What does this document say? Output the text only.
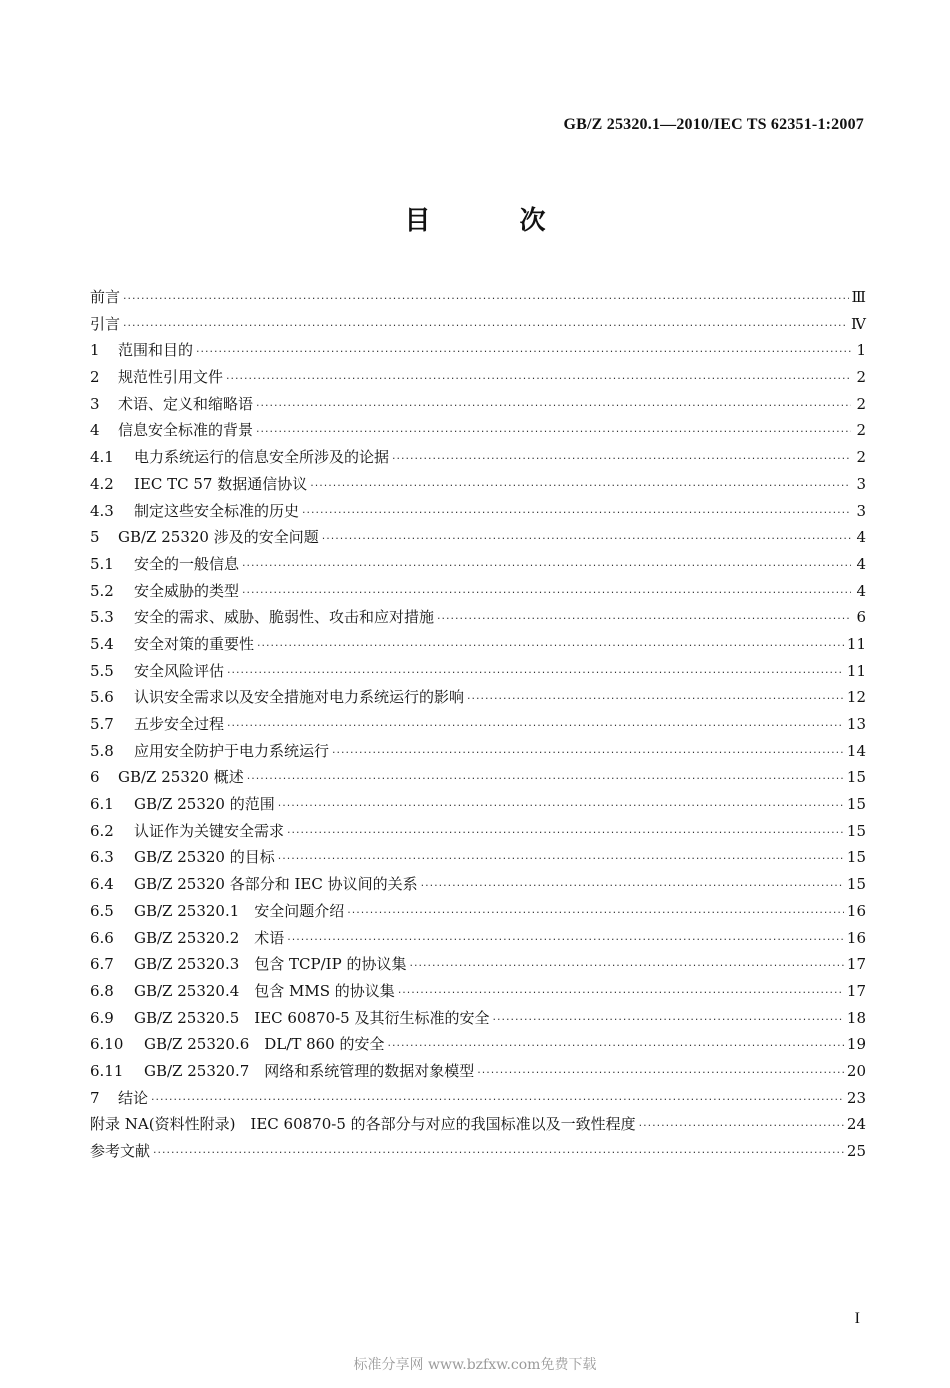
GB/Z 25320.1—2010/IEC TS 62351-1:2007
目 次
前言 ·····	Ⅲ
引言 ·····	Ⅳ
1	范围和目的 ·····	1
2	规范性引用文件 ·····	2
3	术语、定义和缩略语 ·····	2
4	信息安全标准的背景 ·····	2
4.1	电力系统运行的信息安全所涉及的论据 ·····	2
4.2	IEC TC 57 数据通信协议 ·····	3
4.3	制定这些安全标准的历史 ·····	3
5	GB/Z 25320 涉及的安全问题 ·····	4
5.1	安全的一般信息 ·····	4
5.2	安全威胁的类型 ·····	4
5.3	安全的需求、威胁、脆弱性、攻击和应对措施 ·····	6
5.4	安全对策的重要性 ·····	11
5.5	安全风险评估 ·····	11
5.6	认识安全需求以及安全措施对电力系统运行的影响 ·····	12
5.7	五步安全过程 ·····	13
5.8	应用安全防护于电力系统运行 ·····	14
6	GB/Z 25320 概述 ·····	15
6.1	GB/Z 25320 的范围 ·····	15
6.2	认证作为关键安全需求 ·····	15
6.3	GB/Z 25320 的目标 ·····	15
6.4	GB/Z 25320 各部分和 IEC 协议间的关系 ·····	15
6.5	GB/Z 25320.1　安全问题介绍 ·····	16
6.6	GB/Z 25320.2　术语 ·····	16
6.7	GB/Z 25320.3　包含 TCP/IP 的协议集 ·····	17
6.8	GB/Z 25320.4　包含 MMS 的协议集 ·····	17
6.9	GB/Z 25320.5　IEC 60870-5 及其衍生标准的安全 ·····	18
6.10	GB/Z 25320.6　DL/T 860 的安全 ·····	19
6.11	GB/Z 25320.7　网络和系统管理的数据对象模型 ·····	20
7	结论 ·····	23
附录 NA(资料性附录)　IEC 60870-5 的各部分与对应的我国标准以及一致性程度 ·····	24
参考文献 ·····	25
I
标准分享网 www.bzfxw.com免费下载
